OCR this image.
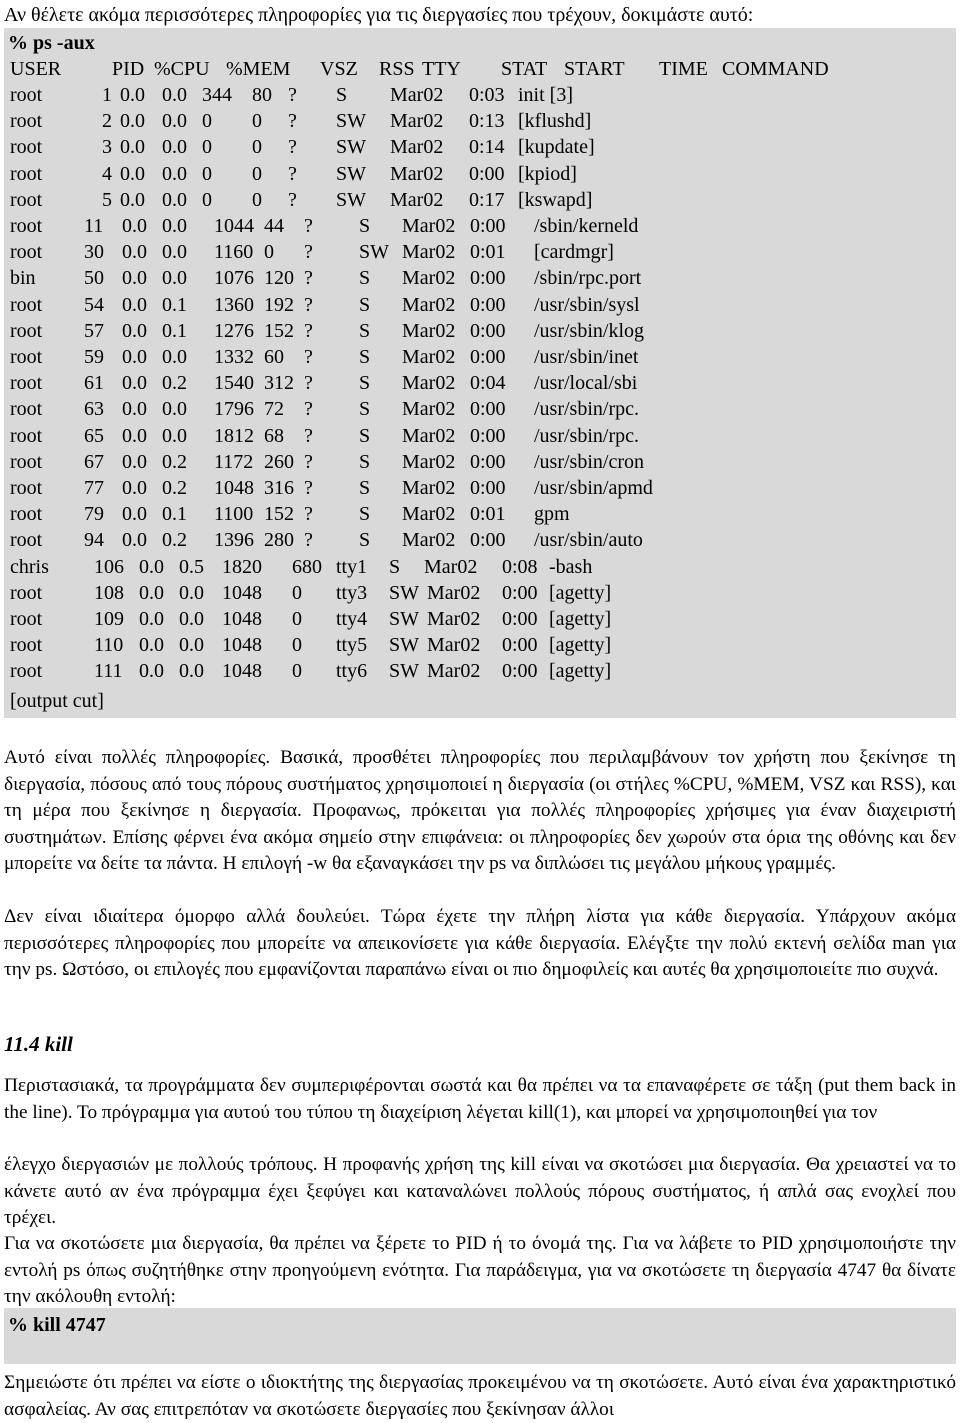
Αν θέλετε ακόμα περισσότερες πληροφορίες για τις διεργασίες που τρέχουν, δοκιμάστε αυτό:
% ps -aux
USER	PID %CPU %MEM VSZ RSS TTY STAT START TIME COMMAND
root	1 0.0 0.0 344 80 ? S Mar02 0:03 init [3]
root	2 0.0 0.0 0 0 ? SW Mar02 0:13 [kflushd]
root	3 0.0 0.0 0 0 ? SW Mar02 0:14 [kupdate]
root	4 0.0 0.0 0 0 ? SW Mar02 0:00 [kpiod]
root	5 0.0 0.0 0 0 ? SW Mar02 0:17 [kswapd]
root 11 0.0 0.0 1044 44 ? S Mar02 0:00 /sbin/kerneld
root 30 0.0 0.0 1160 0 ? SW Mar02 0:01 [cardmgr]
bin 50 0.0 0.0 1076 120 ? S Mar02 0:00 /sbin/rpc.port
root 54 0.0 0.1 1360 192 ? S Mar02 0:00 /usr/sbin/sysl
root 57 0.0 0.1 1276 152 ? S Mar02 0:00 /usr/sbin/klog
root 59 0.0 0.0 1332 60 ? S Mar02 0:00 /usr/sbin/inet
root 61 0.0 0.2 1540 312 ? S Mar02 0:04 /usr/local/sbi
root 63 0.0 0.0 1796 72 ? S Mar02 0:00 /usr/sbin/rpc.
root 65 0.0 0.0 1812 68 ? S Mar02 0:00 /usr/sbin/rpc.
root 67 0.0 0.2 1172 260 ? S Mar02 0:00 /usr/sbin/cron
root 77 0.0 0.2 1048 316 ? S Mar02 0:00 /usr/sbin/apmd
root 79 0.0 0.1 1100 152 ? S Mar02 0:01 gpm
root 94 0.0 0.2 1396 280 ? S Mar02 0:00 /usr/sbin/auto
chris 106 0.0 0.5 1820 680 tty1 S Mar02 0:08 -bash
root	108 0.0 0.0 1048 0 tty3 SW Mar02 0:00 [agetty]
root	109 0.0 0.0 1048 0 tty4 SW Mar02 0:00 [agetty]
root	110 0.0 0.0 1048 0 tty5 SW Mar02 0:00 [agetty]
root	111 0.0 0.0 1048 0 tty6 SW Mar02 0:00 [agetty]
[output cut]
Αυτό είναι πολλές πληροφορίες. Βασικά, προσθέτει πληροφορίες που περιλαμβάνουν τον χρήστη που ξεκίνησε τη διεργασία, πόσους από τους πόρους συστήματος χρησιμοποιεί η διεργασία (οι στήλες %CPU, %MEM, VSZ και RSS), και τη μέρα που ξεκίνησε η διεργασία. Προφανως, πρόκειται για πολλές πληροφορίες χρήσιμες για έναν διαχειριστή συστημάτων. Επίσης φέρνει ένα ακόμα σημείο στην επιφάνεια: οι πληροφορίες δεν χωρούν στα όρια της οθόνης και δεν μπορείτε να δείτε τα πάντα. Η επιλογή -w θα εξαναγκάσει την ps να διπλώσει τις μεγάλου μήκους γραμμές.
Δεν είναι ιδιαίτερα όμορφο αλλά δουλεύει. Τώρα έχετε την πλήρη λίστα για κάθε διεργασία. Υπάρχουν ακόμα περισσότερες πληροφορίες που μπορείτε να απεικονίσετε για κάθε διεργασία. Ελέγξτε την πολύ εκτενή σελίδα man για την ps. Ωστόσο, οι επιλογές που εμφανίζονται παραπάνω είναι οι πιο δημοφιλείς και αυτές θα χρησιμοποιείτε πιο συχνά.
11.4 kill
Περιστασιακά, τα προγράμματα δεν συμπεριφέρονται σωστά και θα πρέπει να τα επαναφέρετε σε τάξη (put them back in the line). Το πρόγραμμα για αυτού του τύπου τη διαχείριση λέγεται kill(1), και μπορεί να χρησιμοποιηθεί για τον
έλεγχο διεργασιών με πολλούς τρόπους. Η προφανής χρήση της kill είναι να σκοτώσει μια διεργασία. Θα χρειαστεί να το κάνετε αυτό αν ένα πρόγραμμα έχει ξεφύγει και καταναλώνει πολλούς πόρους συστήματος, ή απλά σας ενοχλεί που τρέχει.
Για να σκοτώσετε μια διεργασία, θα πρέπει να ξέρετε το PID ή το όνομά της. Για να λάβετε το PID χρησιμοποιήστε την εντολή ps όπως συζητήθηκε στην προηγούμενη ενότητα. Για παράδειγμα, για να σκοτώσετε τη διεργασία 4747 θα δίνατε την ακόλουθη εντολή:
% kill 4747
Σημειώστε ότι πρέπει να είστε ο ιδιοκτήτης της διεργασίας προκειμένου να τη σκοτώσετε. Αυτό είναι ένα χαρακτηριστικό ασφαλείας. Αν σας επιτρεπόταν να σκοτώσετε διεργασίες που ξεκίνησαν άλλοι
